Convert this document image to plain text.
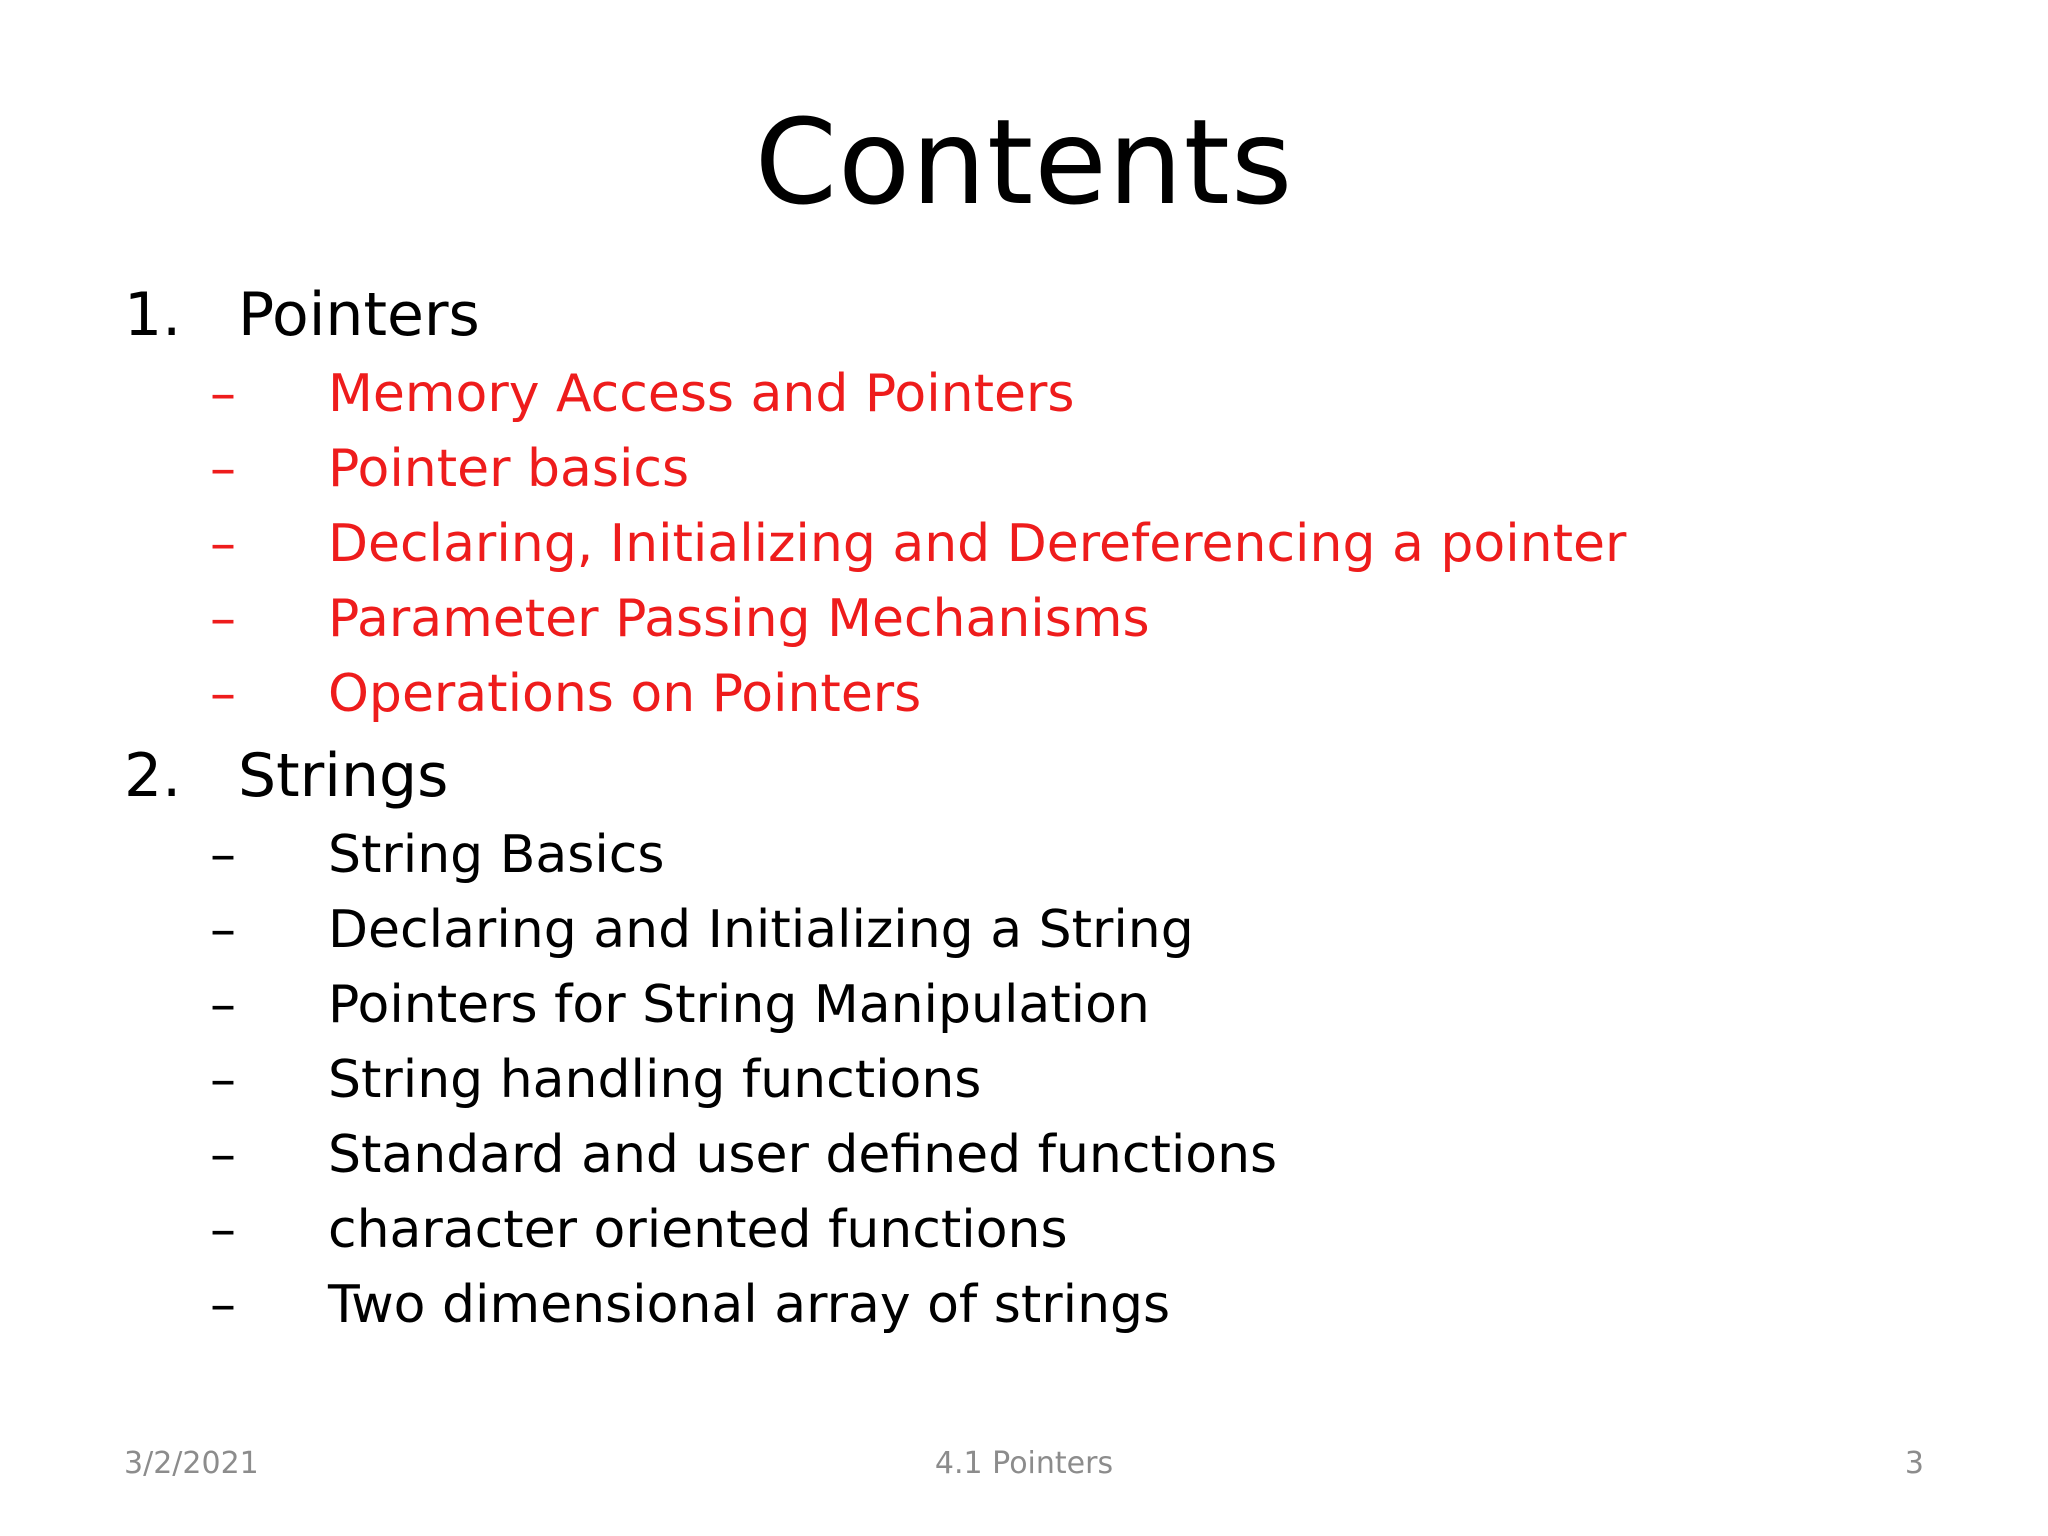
Contents
1. Pointers
– Memory Access and Pointers
– Pointer basics
– Declaring, Initializing and Dereferencing a pointer
– Parameter Passing Mechanisms
– Operations on Pointers
2. Strings
– String Basics
– Declaring and Initializing a String
– Pointers for String Manipulation
– String handling functions
– Standard and user defined functions
– character oriented functions
– Two dimensional array of strings
3/2/2021	4.1 Pointers	3
